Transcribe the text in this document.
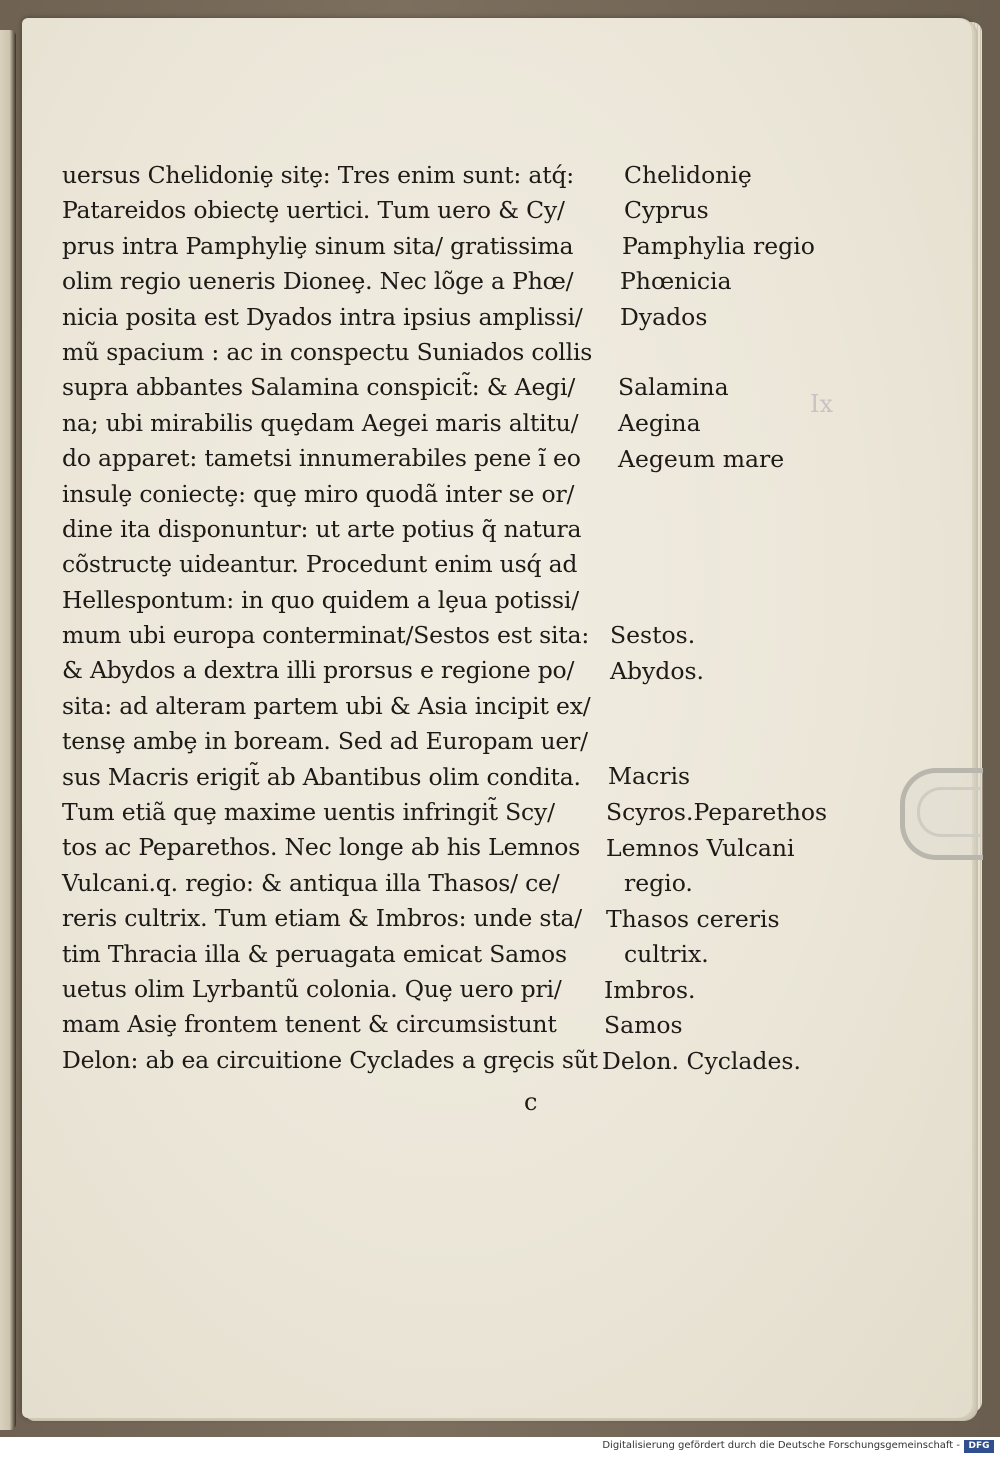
Ix
uersus Chelidoniȩ sitȩ: Tres enim sunt: atq́:
Patareidos obiectȩ uertici. Tum uero & Cy/
prus intra Pamphyliȩ sinum sita/ gratissima
olim regio ueneris Dioneȩ. Nec lõge a Phœ/
nicia posita est Dyados intra ipsius amplissi/
mũ spacium : ac in conspectu Suniados collis
supra abbantes Salamina conspicit̃: & Aegi/
na; ubi mirabilis quȩdam Aegei maris altitu/
do apparet: tametsi innumerabiles pene ĩ eo
insulȩ coniectȩ: quȩ miro quodã inter se or/
dine ita disponuntur: ut arte potius q̃ natura
cõstructȩ uideantur. Procedunt enim usq́ ad
Hellespontum: in quo quidem a lȩua potissi/
mum ubi europa conterminat/Sestos est sita:
& Abydos a dextra illi prorsus e regione po/
sita: ad alteram partem ubi & Asia incipit ex/
tensȩ ambȩ in boream. Sed ad Europam uer/
sus Macris erigit̃ ab Abantibus olim condita.
Tum etiã quȩ maxime uentis infringit̃ Scy/
tos ac Peparethos. Nec longe ab his Lemnos
Vulcani.q. regio: & antiqua illa Thasos/ ce/
reris cultrix. Tum etiam & Imbros: unde sta/
tim Thracia illa & peruagata emicat Samos
uetus olim Lyrbantũ colonia. Quȩ uero pri/
mam Asiȩ frontem tenent & circumsistunt
Delon: ab ea circuitione Cyclades a grȩcis sũt
Chelidoniȩ
Cyprus
Pamphylia regio
Phœnicia
Dyados
Salamina
Aegina
Aegeum mare
Sestos.
Abydos.
Macris
Scyros.Peparethos
Lemnos Vulcani
regio.
Thasos cereris
cultrix.
Imbros.
Samos
Delon. Cyclades.
c
Digitalisierung gefördert durch die Deutsche Forschungsgemeinschaft - DFG
